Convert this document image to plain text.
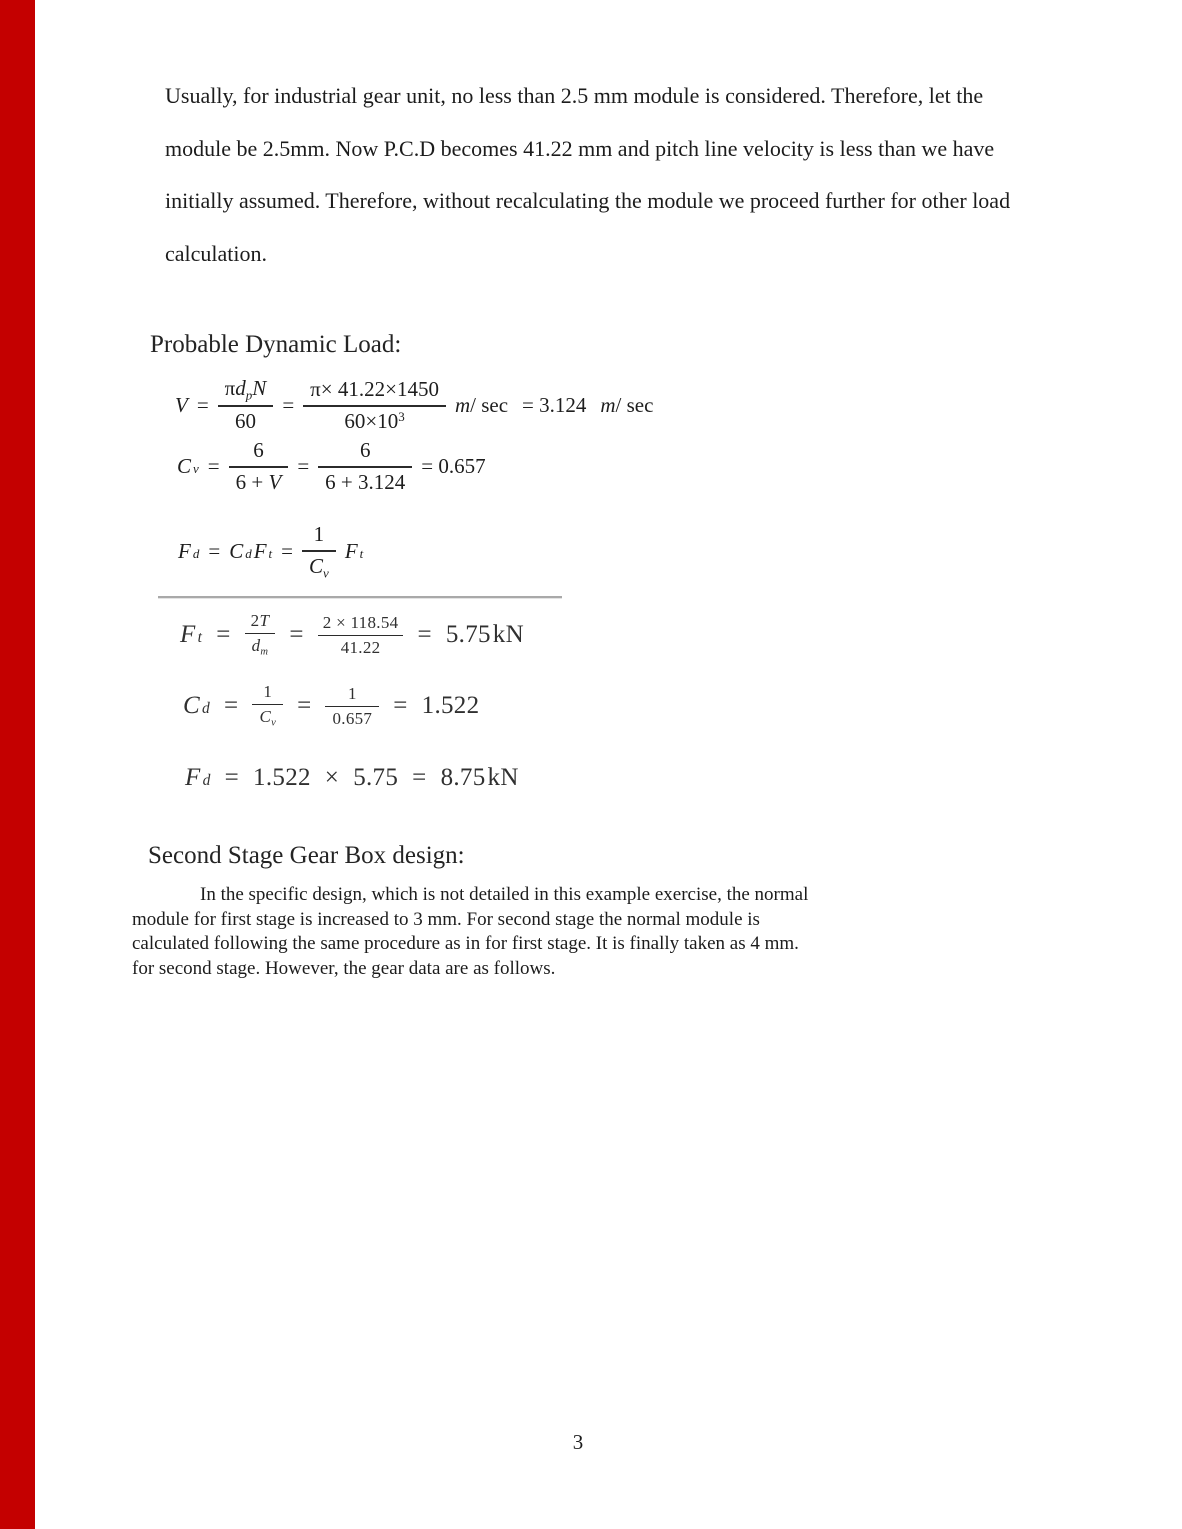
Usually, for industrial gear unit, no less than 2.5 mm module is considered. Therefore, let the
module be 2.5mm. Now P.C.D becomes 41.22 mm and pitch line velocity is less than we have
initially assumed. Therefore, without recalculating the module we proceed further for other load
calculation.
Probable Dynamic Load:
$V = \frac{\pi d_pN}{60} = \frac{\pi\times 41.22\times 1450}{60\times 10^3} m/$ sec = 3.124 m/ sec
C $v = \frac{6}{6 + V} = \frac{6}{6 + 3.124} = 0.657$
F d = C d F $t = \frac{1}{C_v}$ F t
F $t = \frac{2T}{d_m} = \frac{2 \times 118.54}{41.22} = 5.75$ kN
C $d = \frac{1}{C_v} = \frac{1}{0.657} = 1.522$
F d = 1.522 × 5.75 = 8.75 kN
Second Stage Gear Box design:
In the specific design, which is not detailed in this example exercise, the normal
module for first stage is increased to 3 mm. For second stage the normal module is
calculated following the same procedure as in for first stage. It is finally taken as 4 mm.
for second stage. However, the gear data are as follows.
3
